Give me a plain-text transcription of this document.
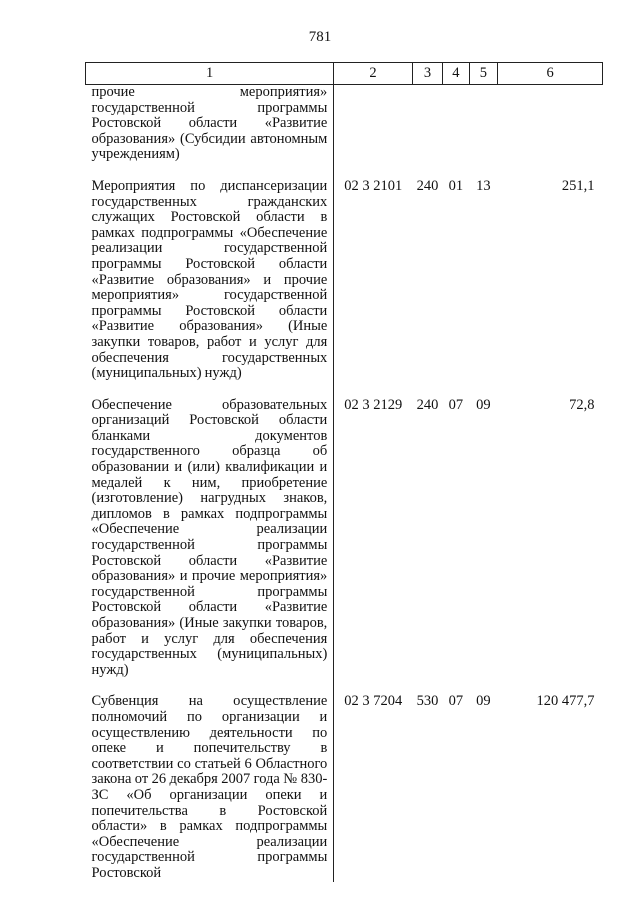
781
1	2	3	4	5	6
прочие мероприятия» государственной программы Ростовской области «Развитие образования» (Субсидии автономным учреждениям)					
Мероприятия по диспансеризации государственных гражданских служащих Ростовской области в рамках подпрограммы «Обеспечение реализации государственной программы Ростовской области «Развитие образования» и прочие мероприятия» государственной программы Ростовской области «Развитие образования» (Иные закупки товаров, работ и услуг для обеспечения государственных (муниципальных) нужд)	02 3 2101	240	01	13	251,1
Обеспечение образовательных организаций Ростовской области бланками документов государственного образца об образовании и (или) квалификации и медалей к ним, приобретение (изготовление) нагрудных знаков, дипломов в рамках подпрограммы «Обеспечение реализации государственной программы Ростовской области «Развитие образования» и прочие мероприятия» государственной программы Ростовской области «Развитие образования» (Иные закупки товаров, работ и услуг для обеспечения государственных (муниципальных) нужд)	02 3 2129	240	07	09	72,8
Субвенция на осуществление полномочий по организации и осуществлению деятельности по опеке и попечительству в соответствии со статьей 6 Областного закона от 26 декабря 2007 года № 830-ЗС «Об организации опеки и попечительства в Ростовской области» в рамках подпрограммы «Обеспечение реализации государственной программы Ростовской	02 3 7204	530	07	09	120 477,7
